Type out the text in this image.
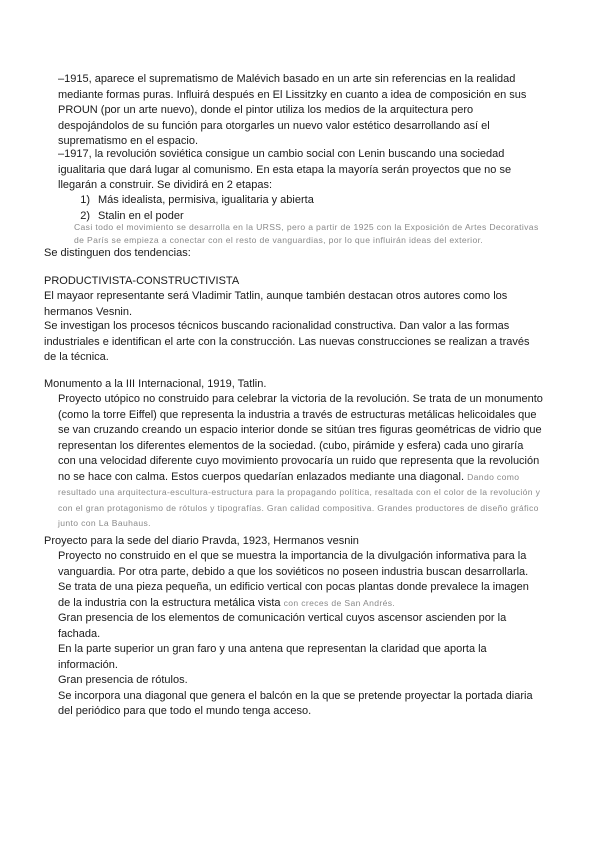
–1915, aparece el suprematismo de Malévich basado en un arte sin referencias en la realidad mediante formas puras. Influirá después en El Lissitzky en cuanto a idea de composición en sus PROUN (por un arte nuevo), donde el pintor utiliza los medios de la arquitectura pero despojándolos de su función para otorgarles un nuevo valor estético desarrollando así el suprematismo en el espacio.

–1917, la revolución soviética consigue un cambio social con Lenin buscando una sociedad igualitaria que dará lugar al comunismo. En esta etapa la mayoría serán proyectos que no se llegarán a construir. Se dividirá en 2 etapas:

1) Más idealista, permisiva, igualitaria y abierta
2) Stalin en el poder

Casi todo el movimiento se desarrolla en la URSS, pero a partir de 1925 con la Exposición de Artes Decorativas de París se empieza a conectar con el resto de vanguardias, por lo que influirán ideas del exterior.

Se distinguen dos tendencias:

PRODUCTIVISTA-CONSTRUCTIVISTA

El mayaor representante será Vladimir Tatlin, aunque también destacan otros autores como los hermanos Vesnin.

Se investigan los procesos técnicos buscando racionalidad constructiva. Dan valor a las formas industriales e identifican el arte con la construcción. Las nuevas construcciones se realizan a través de la técnica.

Monumento a la III Internacional, 1919, Tatlin.

Proyecto utópico no construido para celebrar la victoria de la revolución. Se trata de un monumento (como la torre Eiffel) que representa la industria a través de estructuras metálicas helicoidales que se van cruzando creando un espacio interior donde se sitúan tres figuras geométricas de vidrio que representan los diferentes elementos de la sociedad. (cubo, pirámide y esfera) cada uno giraría con una velocidad diferente cuyo movimiento provocaría un ruido que representa que la revolución no se hace con calma. Estos cuerpos quedarían enlazados mediante una diagonal. Dando como resultado una arquitectura-escultura-estructura para la propagando política, resaltada con el color de la revolución y con el gran protagonismo de rótulos y tipografías. Gran calidad compositiva. Grandes productores de diseño gráfico junto con La Bauhaus.

Proyecto para la sede del diario Pravda, 1923, Hermanos vesnin

Proyecto no construido en el que se muestra la importancia de la divulgación informativa para la vanguardia. Por otra parte, debido a que los soviéticos no poseen industria buscan desarrollarla.

Se trata de una pieza pequeña, un edificio vertical con pocas plantas donde prevalece la imagen de la industria con la estructura metálica vista con creces de San Andrés.

Gran presencia de los elementos de comunicación vertical cuyos ascensor ascienden por la fachada.

En la parte superior un gran faro y una antena que representan la claridad que aporta la información.

Gran presencia de rótulos.

Se incorpora una diagonal que genera el balcón en la que se pretende proyectar la portada diaria del periódico para que todo el mundo tenga acceso.
